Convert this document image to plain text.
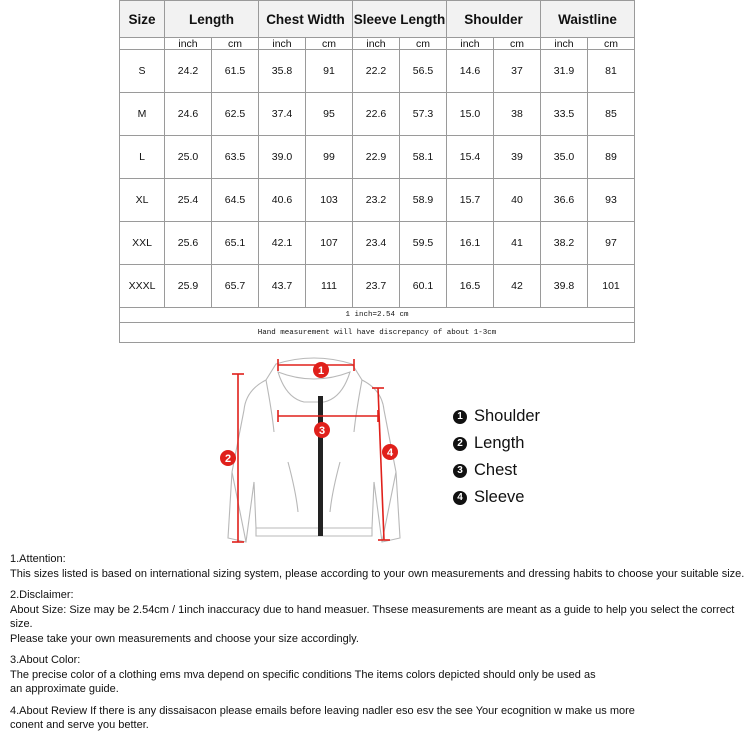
Size	Length		Chest Width		Sleeve Length		Shoulder		Waistline	
	inch	cm	inch	cm	inch	cm	inch	cm	inch	cm
S	24.2	61.5	35.8	91	22.2	56.5	14.6	37	31.9	81
M	24.6	62.5	37.4	95	22.6	57.3	15.0	38	33.5	85
L	25.0	63.5	39.0	99	22.9	58.1	15.4	39	35.0	89
XL	25.4	64.5	40.6	103	23.2	58.9	15.7	40	36.6	93
XXL	25.6	65.1	42.1	107	23.4	59.5	16.1	41	38.2	97
XXXL	25.9	65.7	43.7	111	23.7	60.1	16.5	42	39.8	101
1 inch=2.54 cm										
Hand measurement will have discrepancy of about 1-3cm										
1
2
3
4
1 Shoulder
2 Length
3 Chest
4 Sleeve

1.Attention:

This sizes listed is based on international sizing system, please according to your own measurements and dressing habits to choose your suitable size.

2.Disclaimer:

About Size: Size may be 2.54cm / 1inch inaccuracy due to hand measuer. Thsese measurements are meant as a guide to help you select the correct size.

Please take your own measurements and choose your size accordingly.

3.About Color:

The precise color of a clothing ems mva depend on specific conditions The items colors depicted should only be used as

an approximate guide.

4.About Review If there is any dissaisacon please emails before leaving nadler eso esv the see Your ecognition w make us more

conent and serve you better.
